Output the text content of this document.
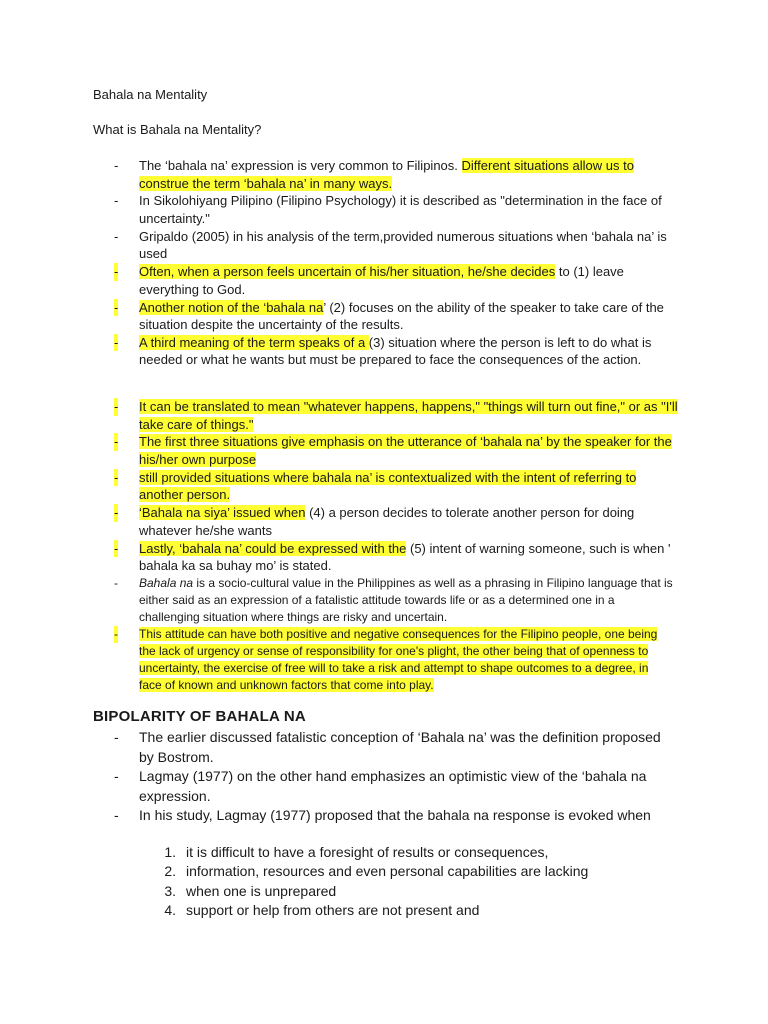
Bahala na Mentality
What is Bahala na Mentality?
- The ‘bahala na’ expression is very common to Filipinos. Different situations allow us to construe the term ‘bahala na’ in many ways.
- In Sikolohiyang Pilipino (Filipino Psychology) it is described as "determination in the face of uncertainty."
- Gripaldo (2005) in his analysis of the term,provided numerous situations when ‘bahala na’ is used
- Often, when a person feels uncertain of his/her situation, he/she decides to (1) leave everything to God.
- Another notion of the ‘bahala na’ (2) focuses on the ability of the speaker to take care of the situation despite the uncertainty of the results.
- A third meaning of the term speaks of a (3) situation where the person is left to do what is needed or what he wants but must be prepared to face the consequences of the action.
- It can be translated to mean "whatever happens, happens," "things will turn out fine," or as "I'll take care of things."
- The first three situations give emphasis on the utterance of ‘bahala na’ by the speaker for the his/her own purpose
- still provided situations where bahala na’ is contextualized with the intent of referring to another person.
- ‘Bahala na siya’ issued when (4) a person decides to tolerate another person for doing whatever he/she wants
- Lastly, ‘bahala na’ could be expressed with the (5) intent of warning someone, such is when ' bahala ka sa buhay mo’ is stated.
- Bahala na is a socio-cultural value in the Philippines as well as a phrasing in Filipino language that is either said as an expression of a fatalistic attitude towards life or as a determined one in a challenging situation where things are risky and uncertain.
- This attitude can have both positive and negative consequences for the Filipino people, one being the lack of urgency or sense of responsibility for one's plight, the other being that of openness to uncertainty, the exercise of free will to take a risk and attempt to shape outcomes to a degree, in face of known and unknown factors that come into play.
BIPOLARITY OF BAHALA NA
- The earlier discussed fatalistic conception of ‘Bahala na’ was the definition proposed by Bostrom.
- Lagmay (1977) on the other hand emphasizes an optimistic view of the ‘bahala na expression.
- In his study, Lagmay (1977) proposed that the bahala na response is evoked when
1. it is difficult to have a foresight of results or consequences,
2. information, resources and even personal capabilities are lacking
3. when one is unprepared
4. support or help from others are not present and
